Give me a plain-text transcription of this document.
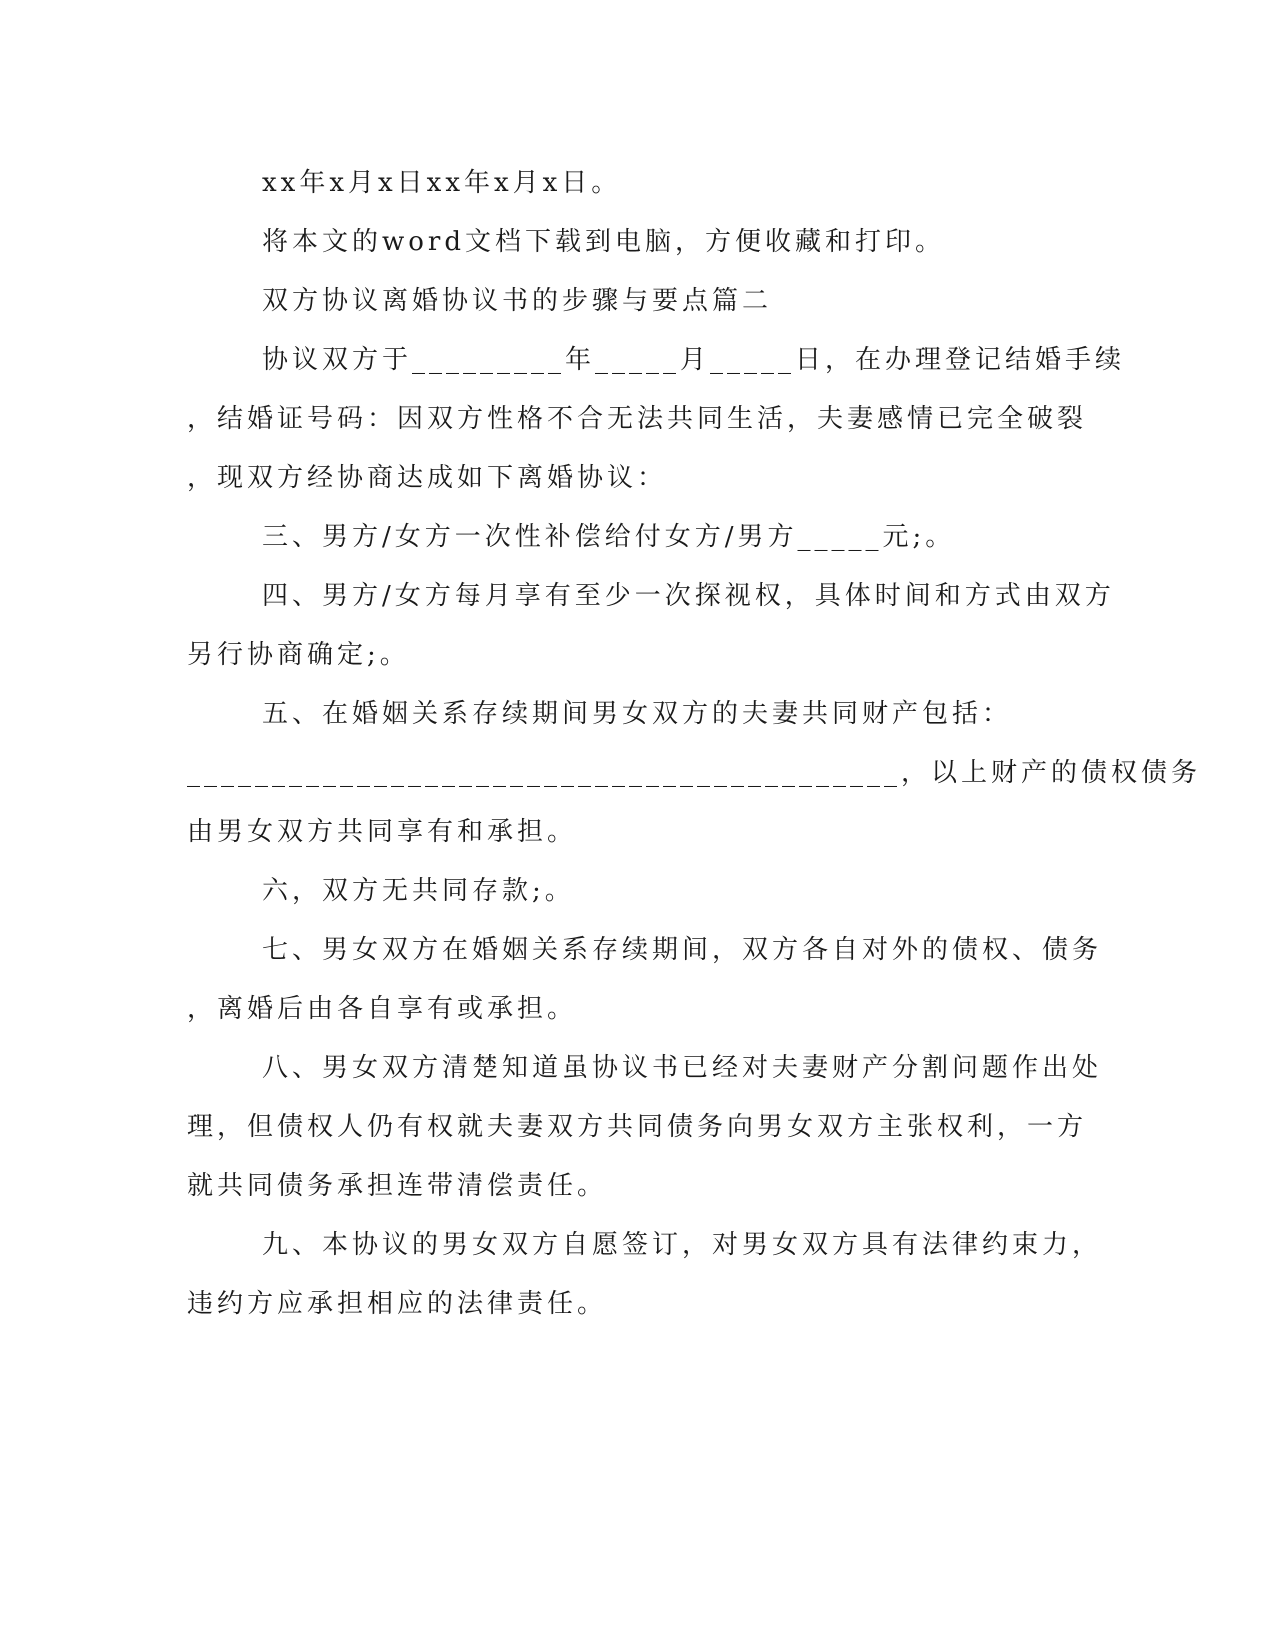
xx年x月x日xx年x月x日。
将本文的word文档下载到电脑，方便收藏和打印。
双方协议离婚协议书的步骤与要点篇二
协议双方于_________年_____月_____日，在办理登记结婚手续
，结婚证号码：因双方性格不合无法共同生活，夫妻感情已完全破裂
，现双方经协商达成如下离婚协议：
三、男方/女方一次性补偿给付女方/男方_____元;。
四、男方/女方每月享有至少一次探视权，具体时间和方式由双方
另行协商确定;。
五、在婚姻关系存续期间男女双方的夫妻共同财产包括：
__________________________________________，以上财产的债权债务
由男女双方共同享有和承担。
六，双方无共同存款;。
七、男女双方在婚姻关系存续期间，双方各自对外的债权、债务
，离婚后由各自享有或承担。
八、男女双方清楚知道虽协议书已经对夫妻财产分割问题作出处
理，但债权人仍有权就夫妻双方共同债务向男女双方主张权利，一方
就共同债务承担连带清偿责任。
九、本协议的男女双方自愿签订，对男女双方具有法律约束力，
违约方应承担相应的法律责任。
